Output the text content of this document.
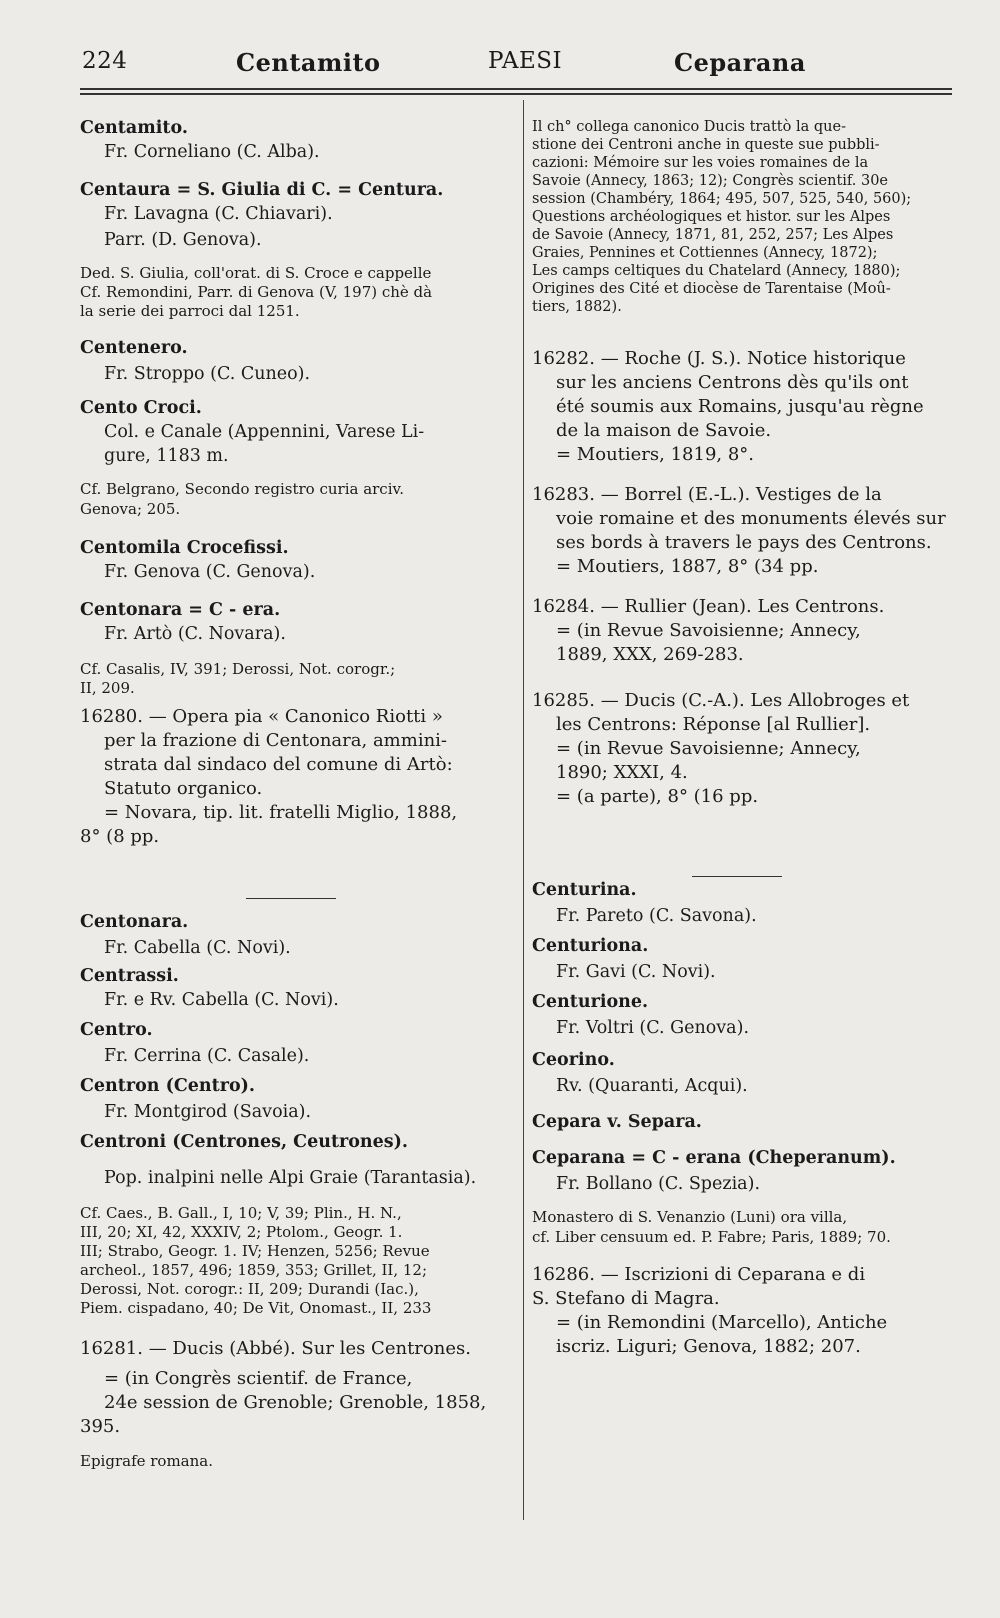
224	Centamito	PAESI	Ceparana
Centamito.
Fr. Corneliano (C. Alba).
Centaura = S. Giulia di C. = Centura.
Fr. Lavagna (C. Chiavari).
Parr. (D. Genova).
Ded. S. Giulia, coll'orat. di S. Croce e cappelle
Cf. Remondini, Parr. di Genova (V, 197) chè dà
la serie dei parroci dal 1251.
Centenero.
Fr. Stroppo (C. Cuneo).
Cento Croci.
Col. e Canale (Appennini, Varese Li-
gure, 1183 m.
Cf. Belgrano, Secondo registro curia arciv.
Genova; 205.
Centomila Crocefissi.
Fr. Genova (C. Genova).
Centonara = C - era.
Fr. Artò (C. Novara).
Cf. Casalis, IV, 391; Derossi, Not. corogr.;
II, 209.
16280. — Opera pia « Canonico Riotti »
per la frazione di Centonara, ammini-
strata dal sindaco del comune di Artò:
Statuto organico.
= Novara, tip. lit. fratelli Miglio, 1888,
8° (8 pp.
Centonara.
Fr. Cabella (C. Novi).
Centrassi.
Fr. e Rv. Cabella (C. Novi).
Centro.
Fr. Cerrina (C. Casale).
Centron (Centro).
Fr. Montgirod (Savoia).
Centroni (Centrones, Ceutrones).
Pop. inalpini nelle Alpi Graie (Tarantasia).
Cf. Caes., B. Gall., I, 10; V, 39; Plin., H. N.,
III, 20; XI, 42, XXXIV, 2; Ptolom., Geogr. 1.
III; Strabo, Geogr. 1. IV; Henzen, 5256; Revue
archeol., 1857, 496; 1859, 353; Grillet, II, 12;
Derossi, Not. corogr.: II, 209; Durandi (Iac.),
Piem. cispadano, 40; De Vit, Onomast., II, 233
16281. — Ducis (Abbé). Sur les Centrones.
= (in Congrès scientif. de France,
24e session de Grenoble; Grenoble, 1858,
395.
Epigrafe romana.
Il ch° collega canonico Ducis trattò la que-
stione dei Centroni anche in queste sue pubbli-
cazioni: Mémoire sur les voies romaines de la
Savoie (Annecy, 1863; 12); Congrès scientif. 30e
session (Chambéry, 1864; 495, 507, 525, 540, 560);
Questions archéologiques et histor. sur les Alpes
de Savoie (Annecy, 1871, 81, 252, 257; Les Alpes
Graies, Pennines et Cottiennes (Annecy, 1872);
Les camps celtiques du Chatelard (Annecy, 1880);
Origines des Cité et diocèse de Tarentaise (Moû-
tiers, 1882).
16282. — Roche (J. S.). Notice historique
sur les anciens Centrons dès qu'ils ont
été soumis aux Romains, jusqu'au règne
de la maison de Savoie.
= Moutiers, 1819, 8°.
16283. — Borrel (E.-L.). Vestiges de la
voie romaine et des monuments élevés sur
ses bords à travers le pays des Centrons.
= Moutiers, 1887, 8° (34 pp.
16284. — Rullier (Jean). Les Centrons.
= (in Revue Savoisienne; Annecy,
1889, XXX, 269-283.
16285. — Ducis (C.-A.). Les Allobroges et
les Centrons: Réponse [al Rullier].
= (in Revue Savoisienne; Annecy,
1890; XXXI, 4.
= (a parte), 8° (16 pp.
Centurina.
Fr. Pareto (C. Savona).
Centuriona.
Fr. Gavi (C. Novi).
Centurione.
Fr. Voltri (C. Genova).
Ceorino.
Rv. (Quaranti, Acqui).
Cepara v. Separa.
Ceparana = C - erana (Cheperanum).
Fr. Bollano (C. Spezia).
Monastero di S. Venanzio (Luni) ora villa,
cf. Liber censuum ed. P. Fabre; Paris, 1889; 70.
16286. — Iscrizioni di Ceparana e di
S. Stefano di Magra.
= (in Remondini (Marcello), Antiche
iscriz. Liguri; Genova, 1882; 207.
